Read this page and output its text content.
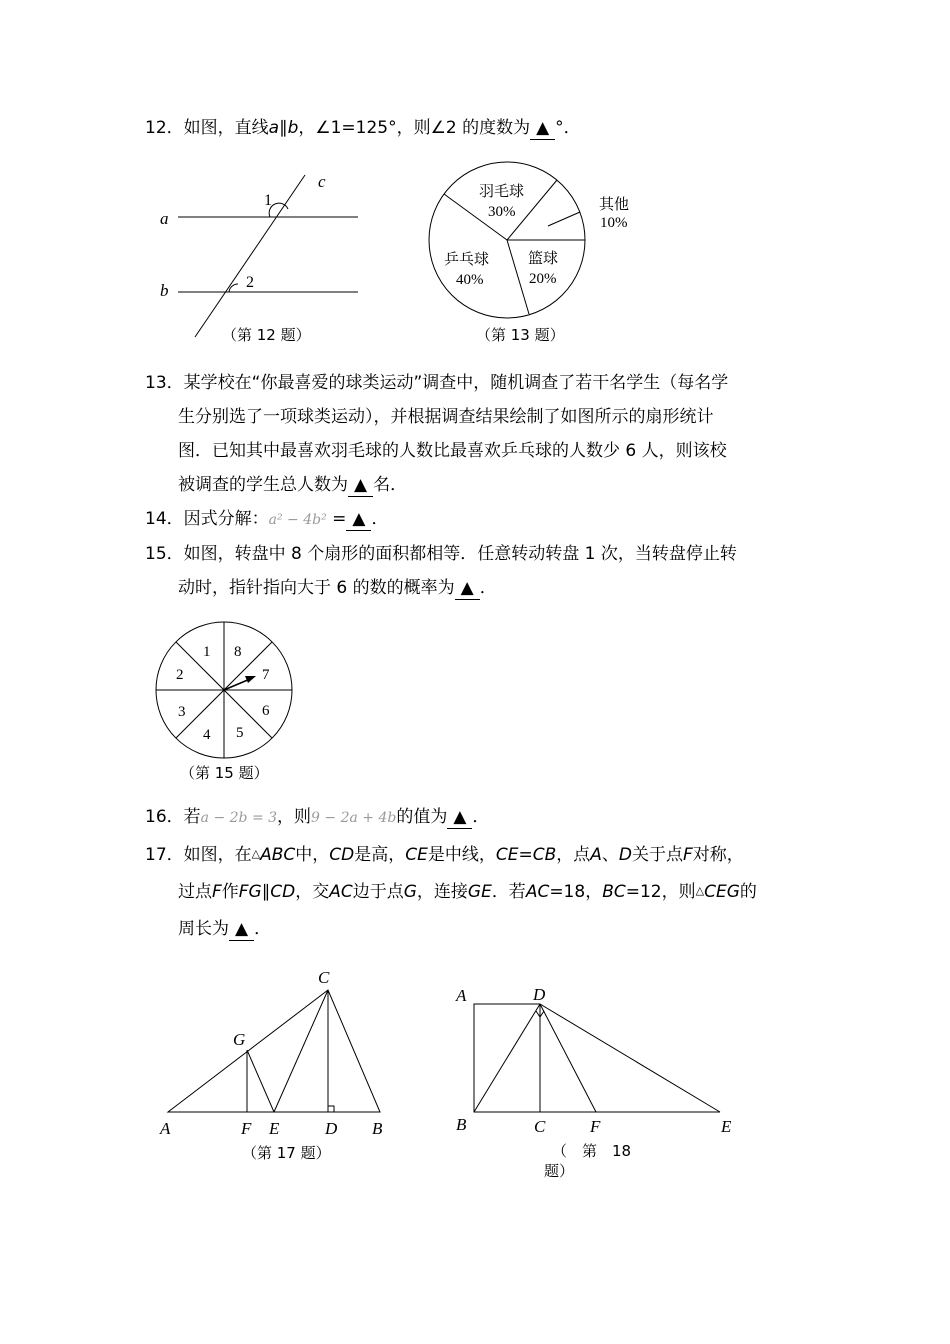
12．如图，直线a∥b，∠1=125°，则∠2 的度数为 ▲ °．
a
b
c
1
2
（第 12 题）
羽毛球
30%	其他
10%
篮球
20%
乒乓球
40%
（第 13 题）
13．某学校在“你最喜爱的球类运动”调查中，随机调查了若干名学生（每名学
生分别选了一项球类运动），并根据调查结果绘制了如图所示的扇形统计
图．已知其中最喜欢羽毛球的人数比最喜欢乒乓球的人数少 6 人，则该校
被调查的学生总人数为 ▲ 名．
14．因式分解：a² − 4b² = ▲ ．
15．如图，转盘中 8 个扇形的面积都相等．任意转动转盘 1 次，当转盘停止转
动时，指针指向大于 6 的数的概率为 ▲ ．
1 8
7
6
5
4
3
2
（第 15 题）
16．若a − 2b = 3，则9 − 2a + 4b的值为 ▲ ．
17．如图，在△ABC中，CD是高，CE是中线，CE=CB，点A、D关于点F对称，
过点F作FG∥CD，交AC边于点G，连接GE．若AC=18，BC=12，则△CEG的
周长为 ▲ ．
C
G
A	F E	D B
（第 17 题）
A	D
B	C	F	E
（　第　18
题）
